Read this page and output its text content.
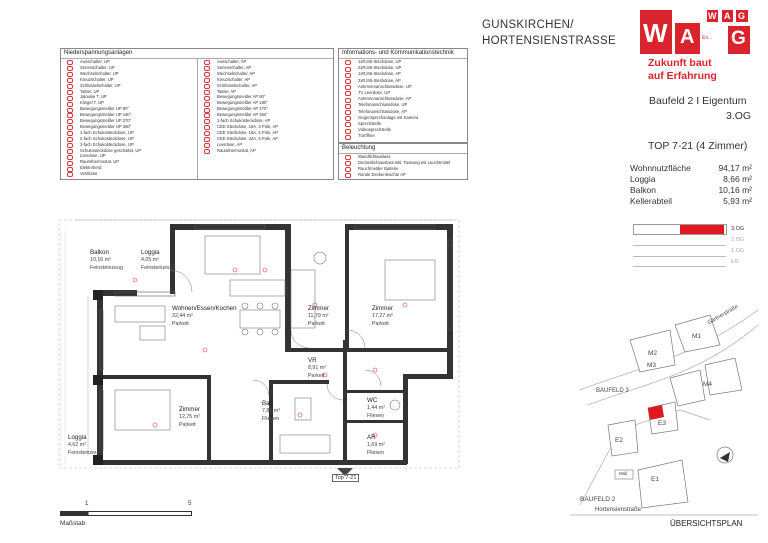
Niederspannungsanlagen
Ausschalter, UP
Serienschalter, UP
Wechselschalter, UP
Kreuzschalter, UP
Schlüsselschalter, UP
Taster, UP
Jalousie T, UP
Klingel T, UP
Bewegungsmelder UP 90°
Bewegungsmelder UP 180°
Bewegungsmelder UP 270°
Bewegungsmelder UP 360°
1-fach Schukosteckdose, UP
2-fach Schukosteckdose, UP
3-fach Schukosteckdose, UP
Schukosteckdose geschaltet, UP
Leerdose, UP
Raumthermostat, UP
Elektroherd
Ventilator
Ausschalter, AP
Serienschalter, AP
Wechselschalter, AP
Kreuzschalter, AP
Schlüsselschalter, AP
Taster, AP
Bewegungsmelder AP 90°
Bewegungsmelder AP 180°
Bewegungsmelder AP 270°
Bewegungsmelder AP 360°
1-fach Schukosteckdose, AP
CEE Steckdose, 16A, 3 Pole, AP
CEE Steckdose, 16A, 5 Pole, AP
CEE Steckdose, 32A, 5 Pole, AP
Leerdose, AP
Raumthermostat, AP
Informations- und Kommunikationstechnik
1xRJ45-Steckdose, UP
2xRJ45-Steckdose, UP
1xRJ45-Steckdose, AP
2xRJ45-Steckdose, AP
Antennenanschlussdose, UP
TV Leerdose, UP
Antennenanschlussdose, AP
Telefonanschlussdose, UP
Telefonanschlussdose, AP
Gegensprechanlage mit Kamera
Sprechstelle
Videosprechstelle
Türöffner
Beleuchtung
Wandlichtauslass
Deckenlichtauslass inkl. Fassung mit Leuchtmittel
Rauchmelder Batterie
Runde Deckenleuchte AP
GUNSKIRCHEN/
HORTENSIENSTRASSE W A G
W A G
En...              ...e.
Zukunft baut
auf Erfahrung
Baufeld 2 I Eigentum
3.OG
TOP 7-21 (4 Zimmer)
Wohnnutzfläche	94,17 m²
Loggia	8,66 m²
Balkon	10,16 m²
Kellerabteil	5,93 m²
3.OG
2.OG
1.OG
EG
Balkon
10,16 m²
Feinsteinzeug
Loggia
4,05 m²
Feinsteinzeug
Wohnen/Essen/Kochen
32,44 m²
Parkett
Zimmer
11,79 m²
Parkett
Zimmer
17,27 m²
Parkett
VR
8,91 m²
Parkett
Zimmer
12,75 m²
Parkett
Bad
7,89 m²
Fliesen
WC
1,44 m²
Fliesen
AR
1,69 m²
Fliesen
Loggia
4,62 m²
Feinsteinzeug
Top 7-21
1	5
Maßstab
Gärtnerstraße
BAUFELD 3
M1
M2
M3
M4
E1
E2
E3
Müll
BAUFELD 2
Hortensienstraße
ÜBERSICHTSPLAN
